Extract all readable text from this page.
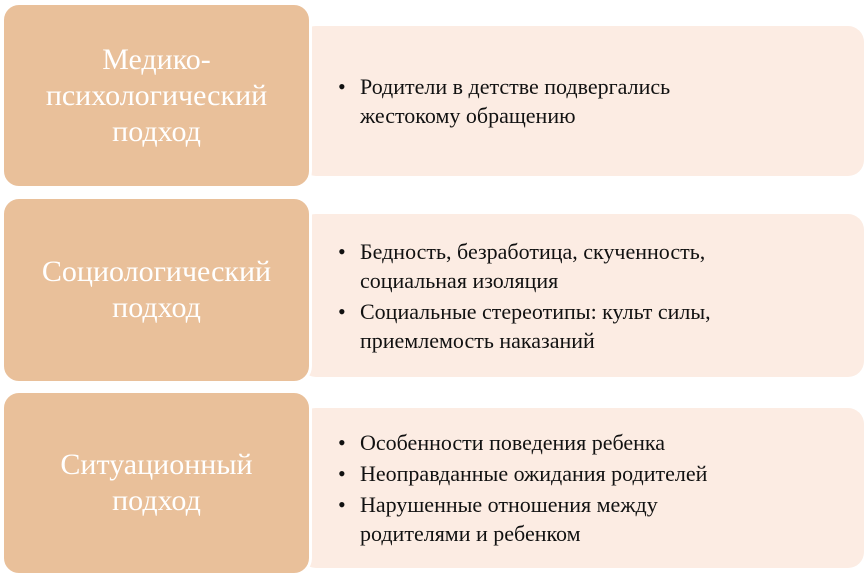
• Родители в детстве подвергались жестокому обращению
Медико-
психологический
подход
• Бедность, безработица, скученность, социальная изоляция
• Социальные стереотипы: культ силы, приемлемость наказаний
Социологический
подход
• Особенности поведения ребенка
• Неоправданные ожидания родителей
• Нарушенные отношения между родителями и ребенком
Ситуационный
подход
